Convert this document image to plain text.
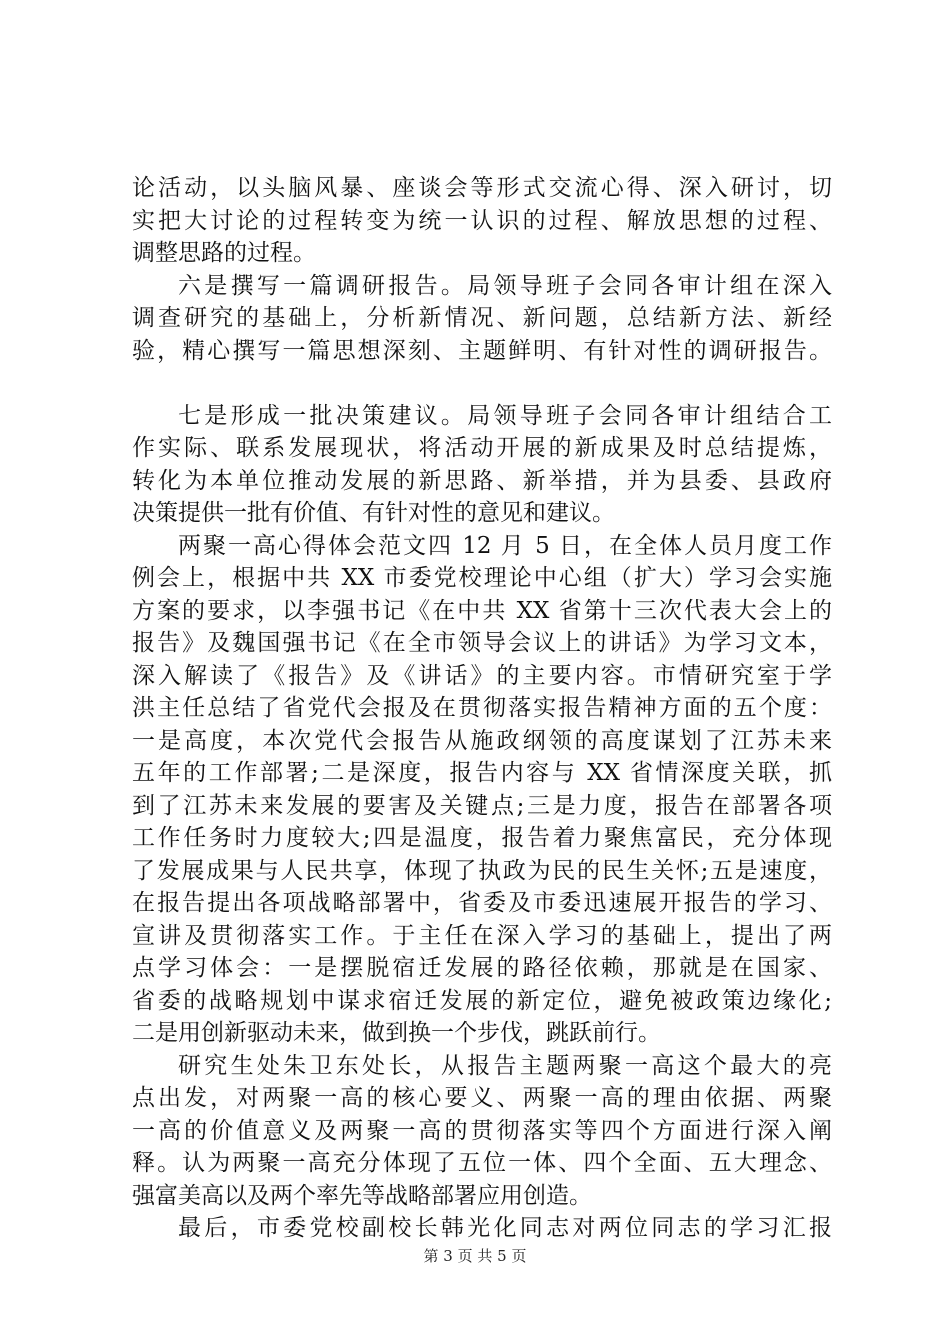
论活动，以头脑风暴、座谈会等形式交流心得、深入研讨，切
实把大讨论的过程转变为统一认识的过程、解放思想的过程、
调整思路的过程。
六是撰写一篇调研报告。局领导班子会同各审计组在深入
调查研究的基础上，分析新情况、新问题，总结新方法、新经
验，精心撰写一篇思想深刻、主题鲜明、有针对性的调研报告。
七是形成一批决策建议。局领导班子会同各审计组结合工
作实际、联系发展现状，将活动开展的新成果及时总结提炼，
转化为本单位推动发展的新思路、新举措，并为县委、县政府
决策提供一批有价值、有针对性的意见和建议。
两聚一高心得体会范文四 12 月 5 日，在全体人员月度工作
例会上，根据中共 XX 市委党校理论中心组（扩大）学习会实施
方案的要求，以李强书记《在中共 XX 省第十三次代表大会上的
报告》及魏国强书记《在全市领导会议上的讲话》为学习文本，
深入解读了《报告》及《讲话》的主要内容。市情研究室于学
洪主任总结了省党代会报及在贯彻落实报告精神方面的五个度：
一是高度，本次党代会报告从施政纲领的高度谋划了江苏未来
五年的工作部署;二是深度，报告内容与 XX 省情深度关联，抓
到了江苏未来发展的要害及关键点;三是力度，报告在部署各项
工作任务时力度较大;四是温度，报告着力聚焦富民，充分体现
了发展成果与人民共享，体现了执政为民的民生关怀;五是速度，
在报告提出各项战略部署中，省委及市委迅速展开报告的学习、
宣讲及贯彻落实工作。于主任在深入学习的基础上，提出了两
点学习体会：一是摆脱宿迁发展的路径依赖，那就是在国家、
省委的战略规划中谋求宿迁发展的新定位，避免被政策边缘化;
二是用创新驱动未来，做到换一个步伐，跳跃前行。
研究生处朱卫东处长，从报告主题两聚一高这个最大的亮
点出发，对两聚一高的核心要义、两聚一高的理由依据、两聚
一高的价值意义及两聚一高的贯彻落实等四个方面进行深入阐
释。认为两聚一高充分体现了五位一体、四个全面、五大理念、
强富美高以及两个率先等战略部署应用创造。
最后，市委党校副校长韩光化同志对两位同志的学习汇报
第 3 页 共 5 页
